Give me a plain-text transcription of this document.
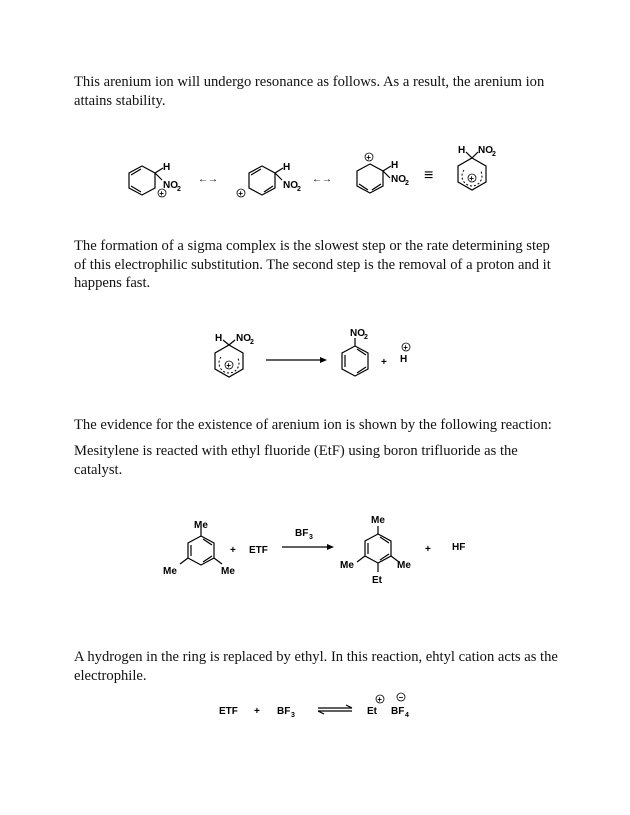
This arenium ion will undergo resonance as follows. As a result, the arenium ion attains stability.

H
NO 2
+
←→
H
NO 2
+
←→
H
NO 2
+
≡	+
H NO 2

The formation of a sigma complex is the slowest step or the rate determining step of this electrophilic substitution. The second step is the removal of a proton and it happens fast.

+
H NO 2
NO 2
+ H
+

The evidence for the existence of arenium ion is shown by the following reaction:

Mesitylene is reacted with ethyl fluoride (EtF) using boron trifluoride as the catalyst.

Me
Me
Me
+ ETF
BF 3
Me
Me
Me
Et
+ HF

A hydrogen in the ring is replaced by ethyl. In this reaction, ehtyl cation acts as the electrophile.

ETF + BF 3	Et
+
BF 4
−
